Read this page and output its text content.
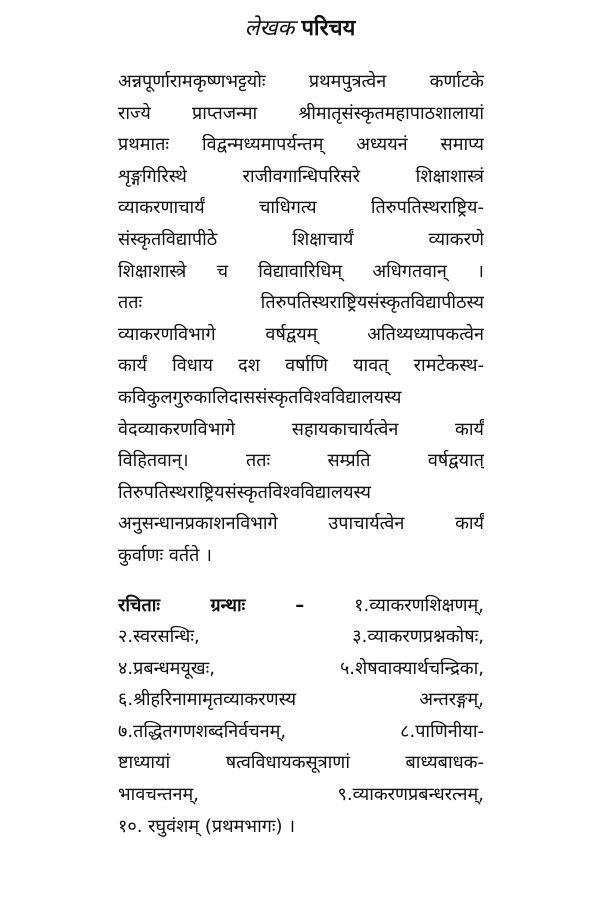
लेखक परिचय
अन्नपूर्णारामकृष्णभट्टयोः प्रथमपुत्रत्वेन कर्णाटके
राज्ये प्राप्तजन्मा श्रीमातृसंस्कृतमहापाठशालायां
प्रथमातः विद्वन्मध्यमापर्यन्तम् अध्ययनं समाप्य
शृङ्गगिरिस्थे राजीवगान्धिपरिसरे शिक्षाशास्त्रं
व्याकरणाचार्यं चाधिगत्य तिरुपतिस्थराष्ट्रिय-
संस्कृतविद्यापीठे शिक्षाचार्यं व्याकरणे
शिक्षाशास्त्रे च विद्यावारिधिम् अधिगतवान् ।
ततः तिरुपतिस्थराष्ट्रियसंस्कृतविद्यापीठस्य
व्याकरणविभागे वर्षद्वयम् अतिथ्यध्यापकत्वेन
कार्यं विधाय दश वर्षाणि यावत् रामटेकस्थ-
कविकुलगुरुकालिदाससंस्कृतविश्वविद्यालयस्य
वेदव्याकरणविभागे सहायकाचार्यत्वेन कार्यं
विहितवान्। ततः सम्प्रति वर्षद्वयात्
तिरुपतिस्थराष्ट्रियसंस्कृतविश्वविद्यालयस्य
अनुसन्धानप्रकाशनविभागे उपाचार्यत्वेन कार्यं
कुर्वाणः वर्तते ।
रचिताः ग्रन्थाः	–	१.व्याकरणशिक्षणम्,
२.स्वरसन्धिः, ३.व्याकरणप्रश्नकोषः,
४.प्रबन्धमयूखः, ५.शेषवाक्यार्थचन्द्रिका,
६.श्रीहरिनामामृतव्याकरणस्य अन्तरङ्गम्,
७.तद्धितगणशब्दनिर्वचनम्, ८.पाणिनीया-
ष्टाध्यायां षत्वविधायकसूत्राणां बाध्यबाधक-
भावचन्तनम्, ९.व्याकरणप्रबन्धरत्नम्,
१०. रघुवंशम् (प्रथमभागः) ।
